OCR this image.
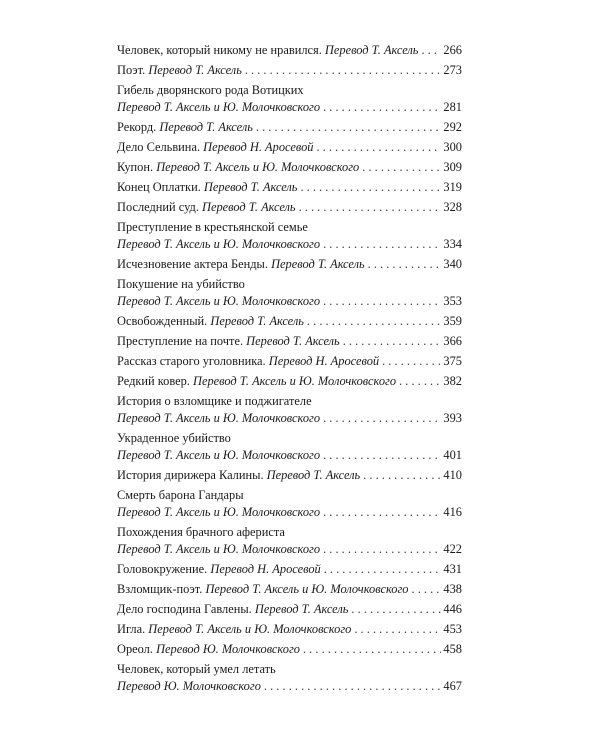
Человек, который никому не нравился. Перевод Т. Аксель . . . 266
Поэт. Перевод Т. Аксель . . .	273
Гибель дворянского рода Вотицких
Перевод Т. Аксель и Ю. Молочковского . . .	281
Рекорд. Перевод Т. Аксель . . .	292
Дело Сельвина. Перевод Н. Аросевой . . .	300
Купон. Перевод Т. Аксель и Ю. Молочковского . . .	309
Конец Оплатки. Перевод Т. Аксель . . .	319
Последний суд. Перевод Т. Аксель . . .	328
Преступление в крестьянской семье
Перевод Т. Аксель и Ю. Молочковского . . .	334
Исчезновение актера Бенды. Перевод Т. Аксель . . .	340
Покушение на убийство
Перевод Т. Аксель и Ю. Молочковского . . .	353
Освобожденный. Перевод Т. Аксель . . .	359
Преступление на почте. Перевод Т. Аксель . . .	366
Рассказ старого уголовника. Перевод Н. Аросевой . . .	375
Редкий ковер. Перевод Т. Аксель и Ю. Молочковского . . .	382
История о взломщике и поджигателе
Перевод Т. Аксель и Ю. Молочковского . . .	393
Украденное убийство
Перевод Т. Аксель и Ю. Молочковского . . .	401
История дирижера Калины. Перевод Т. Аксель . . .	410
Смерть барона Гандары
Перевод Т. Аксель и Ю. Молочковского . . .	416
Похождения брачного афериста
Перевод Т. Аксель и Ю. Молочковского . . .	422
Головокружение. Перевод Н. Аросевой . . .	431
Взломщик-поэт. Перевод Т. Аксель и Ю. Молочковского . . .	438
Дело господина Гавлены. Перевод Т. Аксель . . .	446
Игла. Перевод Т. Аксель и Ю. Молочковского . . .	453
Ореол. Перевод Ю. Молочковского . . .	458
Человек, который умел летать
Перевод Ю. Молочковского . . .	467
